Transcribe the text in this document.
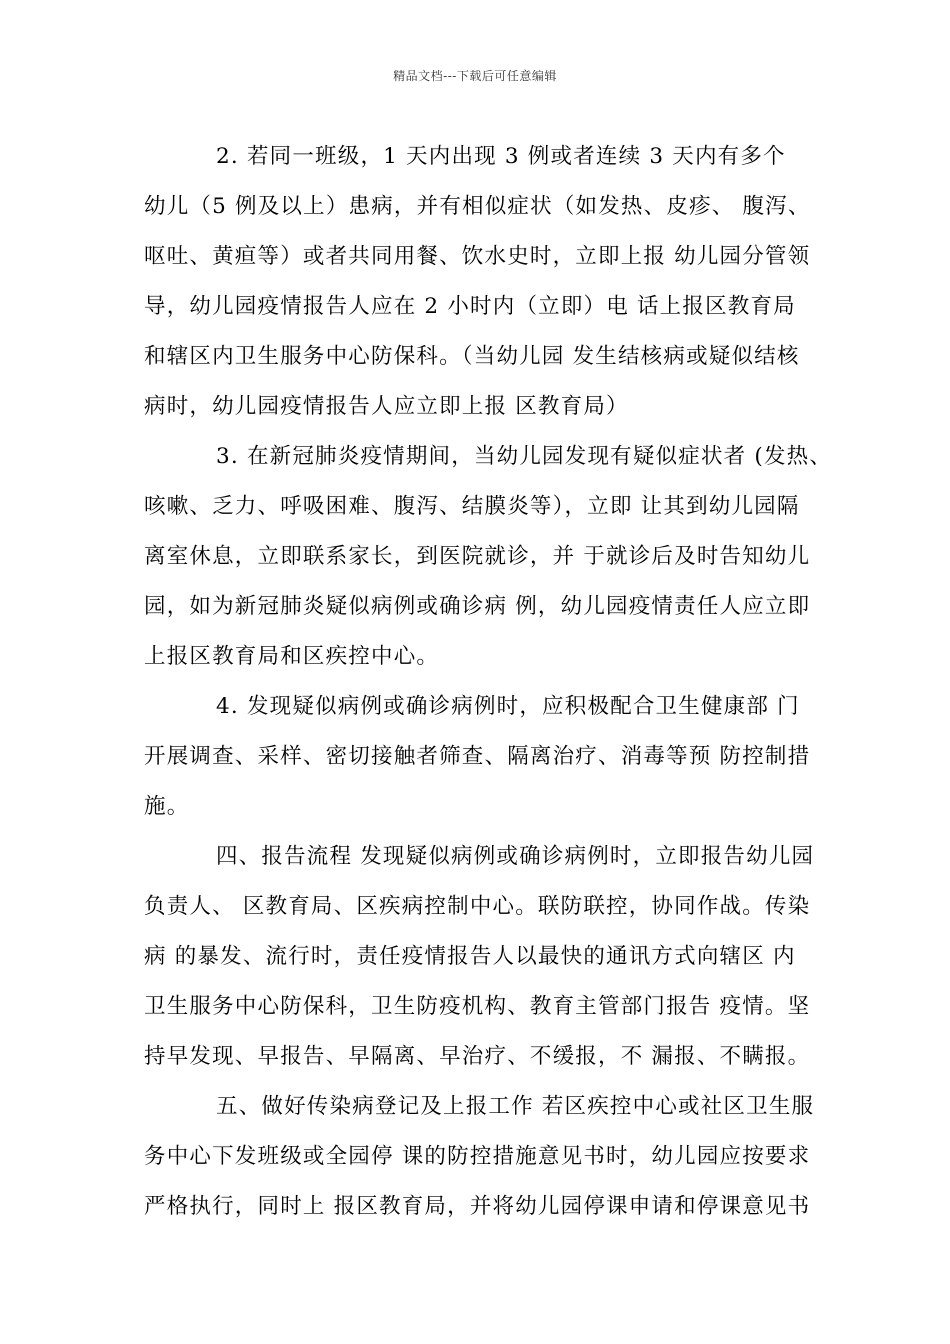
精品文档---下载后可任意编辑

2. 若同一班级，1 天内出现 3 例或者连续 3 天内有多个
幼儿（5 例及以上）患病，并有相似症状（如发热、皮疹、 腹泻、
呕吐、黄疸等）或者共同用餐、饮水史时，立即上报 幼儿园分管领
导，幼儿园疫情报告人应在 2 小时内（立即）电 话上报区教育局
和辖区内卫生服务中心防保科。（当幼儿园 发生结核病或疑似结核
病时，幼儿园疫情报告人应立即上报 区教育局）

3. 在新冠肺炎疫情期间，当幼儿园发现有疑似症状者 (发热、
咳嗽、乏力、呼吸困难、腹泻、结膜炎等），立即 让其到幼儿园隔
离室休息，立即联系家长，到医院就诊，并 于就诊后及时告知幼儿
园，如为新冠肺炎疑似病例或确诊病 例，幼儿园疫情责任人应立即
上报区教育局和区疾控中心。

4. 发现疑似病例或确诊病例时，应积极配合卫生健康部 门
开展调查、采样、密切接触者筛查、隔离治疗、消毒等预 防控制措
施。

四、报告流程 发现疑似病例或确诊病例时，立即报告幼儿园
负责人、 区教育局、区疾病控制中心。联防联控，协同作战。传染
病 的暴发、流行时，责任疫情报告人以最快的通讯方式向辖区 内
卫生服务中心防保科，卫生防疫机构、教育主管部门报告 疫情。坚
持早发现、早报告、早隔离、早治疗、不缓报，不 漏报、不瞒报。

五、做好传染病登记及上报工作 若区疾控中心或社区卫生服
务中心下发班级或全园停 课的防控措施意见书时，幼儿园应按要求
严格执行，同时上 报区教育局，并将幼儿园停课申请和停课意见书
